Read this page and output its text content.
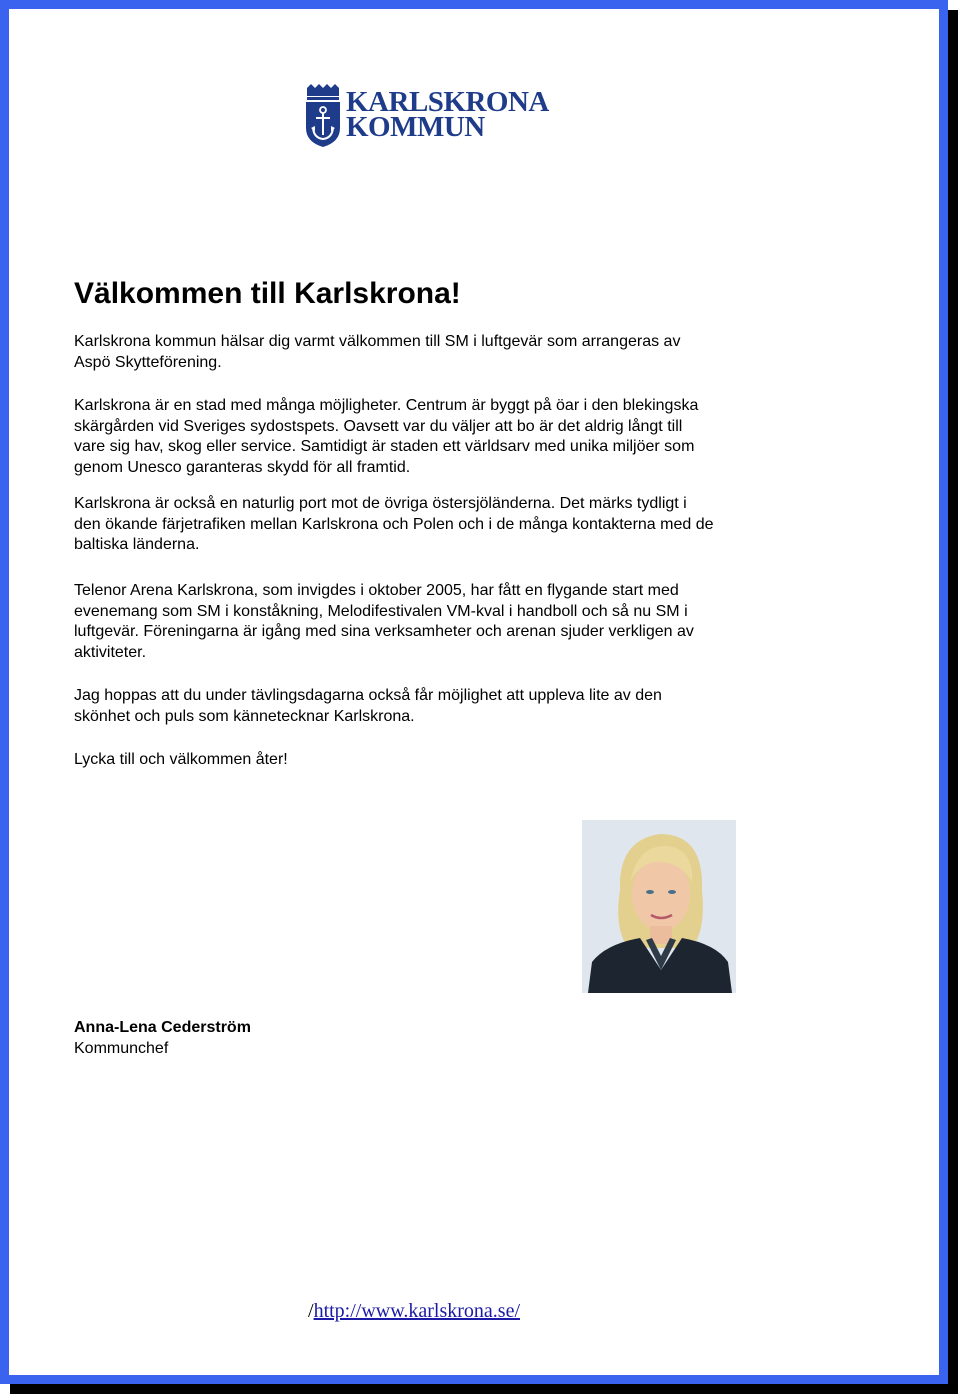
KARLSKRONA
KOMMUN
Välkommen till Karlskrona!

Karlskrona kommun hälsar dig varmt välkommen till SM i luftgevär som arrangeras av Aspö Skytteförening.

Karlskrona är en stad med många möjligheter. Centrum är byggt på öar i den blekingska skärgården vid Sveriges sydostspets. Oavsett var du väljer att bo är det aldrig långt till vare sig hav, skog eller service. Samtidigt är staden ett världsarv med unika miljöer som genom Unesco garanteras skydd för all framtid.

Karlskrona är också en naturlig port mot de övriga östersjöländerna. Det märks tydligt i den ökande färjetrafiken mellan Karlskrona och Polen och i de många kontakterna med de baltiska länderna.

Telenor Arena Karlskrona, som invigdes i oktober 2005, har fått en flygande start med evenemang som SM i konståkning, Melodifestivalen VM-kval i handboll och så nu SM i luftgevär. Föreningarna är igång med sina verksamheter och arenan sjuder verkligen av aktiviteter.

Jag hoppas att du under tävlingsdagarna också får möjlighet att uppleva lite av den skönhet och puls som kännetecknar Karlskrona.

Lycka till och välkommen åter!

Anna-Lena Cederström
Kommunchef
/http://www.karlskrona.se/
